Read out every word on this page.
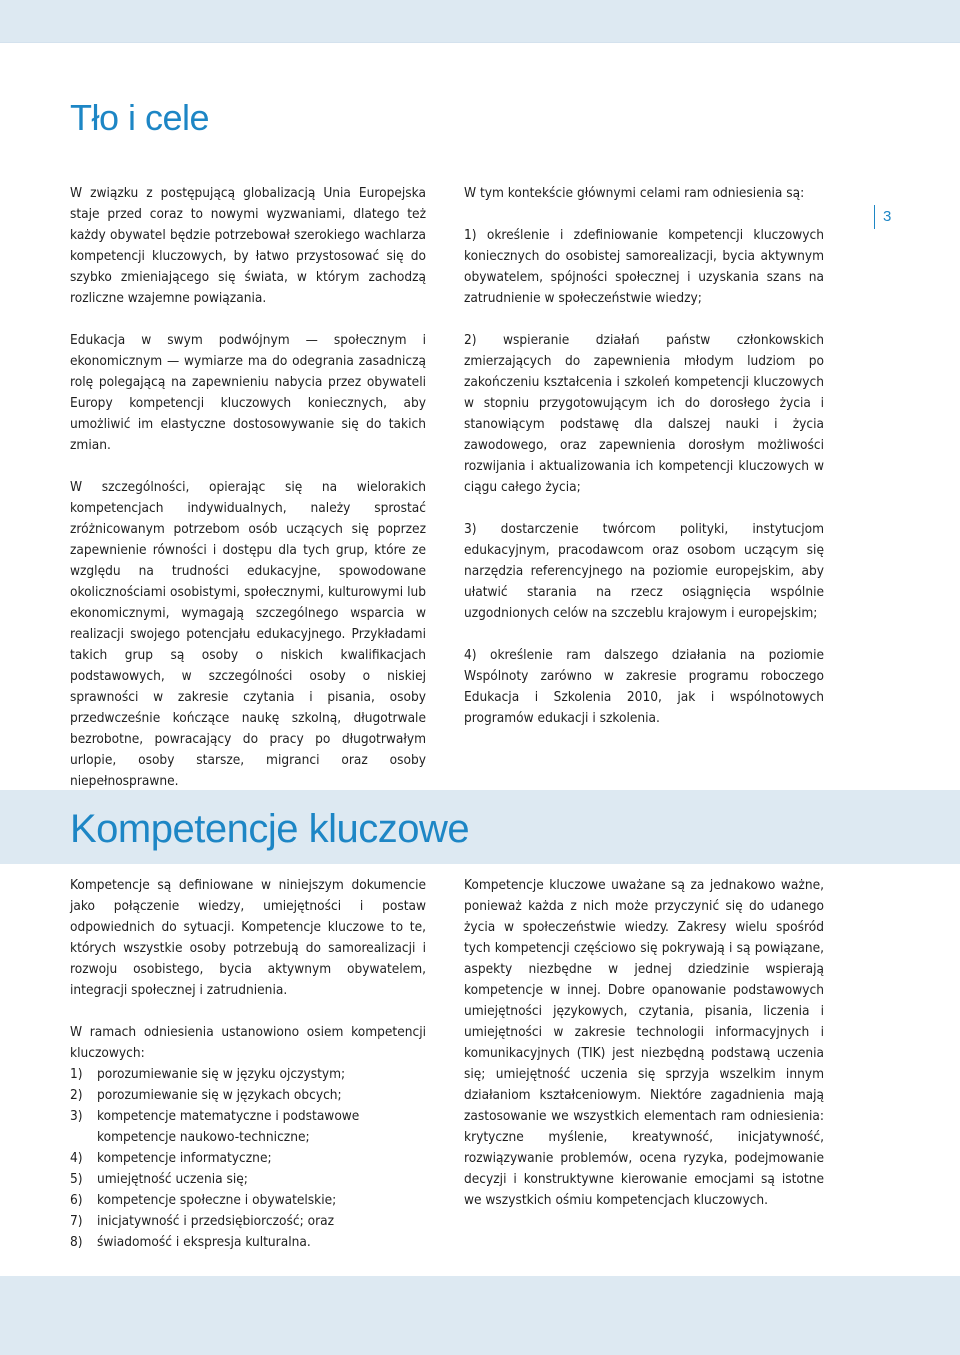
Tło i cele
3

W związku z postępującą globalizacją Unia Europejska staje przed coraz to nowymi wyzwaniami, dlatego też każdy obywatel będzie potrzebował szerokiego wachlarza kompetencji kluczowych, by łatwo przystosować się do szybko zmieniającego się świata, w którym zachodzą rozliczne wzajemne powiązania.

Edukacja w swym podwójnym — społecznym i ekonomicznym — wymiarze ma do odegrania zasadniczą rolę polegającą na zapewnieniu nabycia przez obywateli Europy kompetencji kluczowych koniecznych, aby umożliwić im elastyczne dostosowywanie się do takich zmian.

W szczególności, opierając się na wielorakich kompetencjach indywidualnych, należy sprostać zróżnicowanym potrzebom osób uczących się poprzez zapewnienie równości i dostępu dla tych grup, które ze względu na trudności edukacyjne, spowodowane okolicznościami osobistymi, społecznymi, kulturowymi lub ekonomicznymi, wymagają szczególnego wsparcia w realizacji swojego potencjału edukacyjnego. Przykładami takich grup są osoby o niskich kwalifikacjach podstawowych, w szczególności osoby o niskiej sprawności w zakresie czytania i pisania, osoby przedwcześnie kończące naukę szkolną, długotrwale bezrobotne, powracający do pracy po długotrwałym urlopie, osoby starsze, migranci oraz osoby niepełnosprawne.

W tym kontekście głównymi celami ram odniesienia są:

1) określenie i zdefiniowanie kompetencji kluczowych koniecznych do osobistej samorealizacji, bycia aktywnym obywatelem, spójności społecznej i uzyskania szans na zatrudnienie w społeczeństwie wiedzy;

2) wspieranie działań państw członkowskich zmierzających do zapewnienia młodym ludziom po zakończeniu kształcenia i szkoleń kompetencji kluczowych w stopniu przygotowującym ich do dorosłego życia i stanowiącym podstawę dla dalszej nauki i życia zawodowego, oraz zapewnienia dorosłym możliwości rozwijania i aktualizowania ich kompetencji kluczowych w ciągu całego życia;

3) dostarczenie twórcom polityki, instytucjom edukacyjnym, pracodawcom oraz osobom uczącym się narzędzia referencyjnego na poziomie europejskim, aby ułatwić starania na rzecz osiągnięcia wspólnie uzgodnionych celów na szczeblu krajowym i europejskim;

4) określenie ram dalszego działania na poziomie Wspólnoty zarówno w zakresie programu roboczego Edukacja i Szkolenia 2010, jak i wspólnotowych programów edukacji i szkolenia.

Kompetencje kluczowe

Kompetencje są definiowane w niniejszym dokumencie jako połączenie wiedzy, umiejętności i postaw odpowiednich do sytuacji. Kompetencje kluczowe to te, których wszystkie osoby potrzebują do samorealizacji i rozwoju osobistego, bycia aktywnym obywatelem, integracji społecznej i zatrudnienia.

W ramach odniesienia ustanowiono osiem kompetencji kluczowych:

1)	porozumiewanie się w języku ojczystym;
2)	porozumiewanie się w językach obcych;
3)	kompetencje matematyczne i podstawowe kompetencje naukowo-techniczne;
4)	kompetencje informatyczne;
5)	umiejętność uczenia się;
6)	kompetencje społeczne i obywatelskie;
7)	inicjatywność i przedsiębiorczość; oraz
8)	świadomość i ekspresja kulturalna.

Kompetencje kluczowe uważane są za jednakowo ważne, ponieważ każda z nich może przyczynić się do udanego życia w społeczeństwie wiedzy. Zakresy wielu spośród tych kompetencji częściowo się pokrywają i są powiązane, aspekty niezbędne w jednej dziedzinie wspierają kompetencje w innej. Dobre opanowanie podstawowych umiejętności językowych, czytania, pisania, liczenia i umiejętności w zakresie technologii informacyjnych i komunikacyjnych (TIK) jest niezbędną podstawą uczenia się; umiejętność uczenia się sprzyja wszelkim innym działaniom kształceniowym. Niektóre zagadnienia mają zastosowanie we wszystkich elementach ram odniesienia: krytyczne myślenie, kreatywność, inicjatywność, rozwiązywanie problemów, ocena ryzyka, podejmowanie decyzji i konstruktywne kierowanie emocjami są istotne we wszystkich ośmiu kompetencjach kluczowych.
